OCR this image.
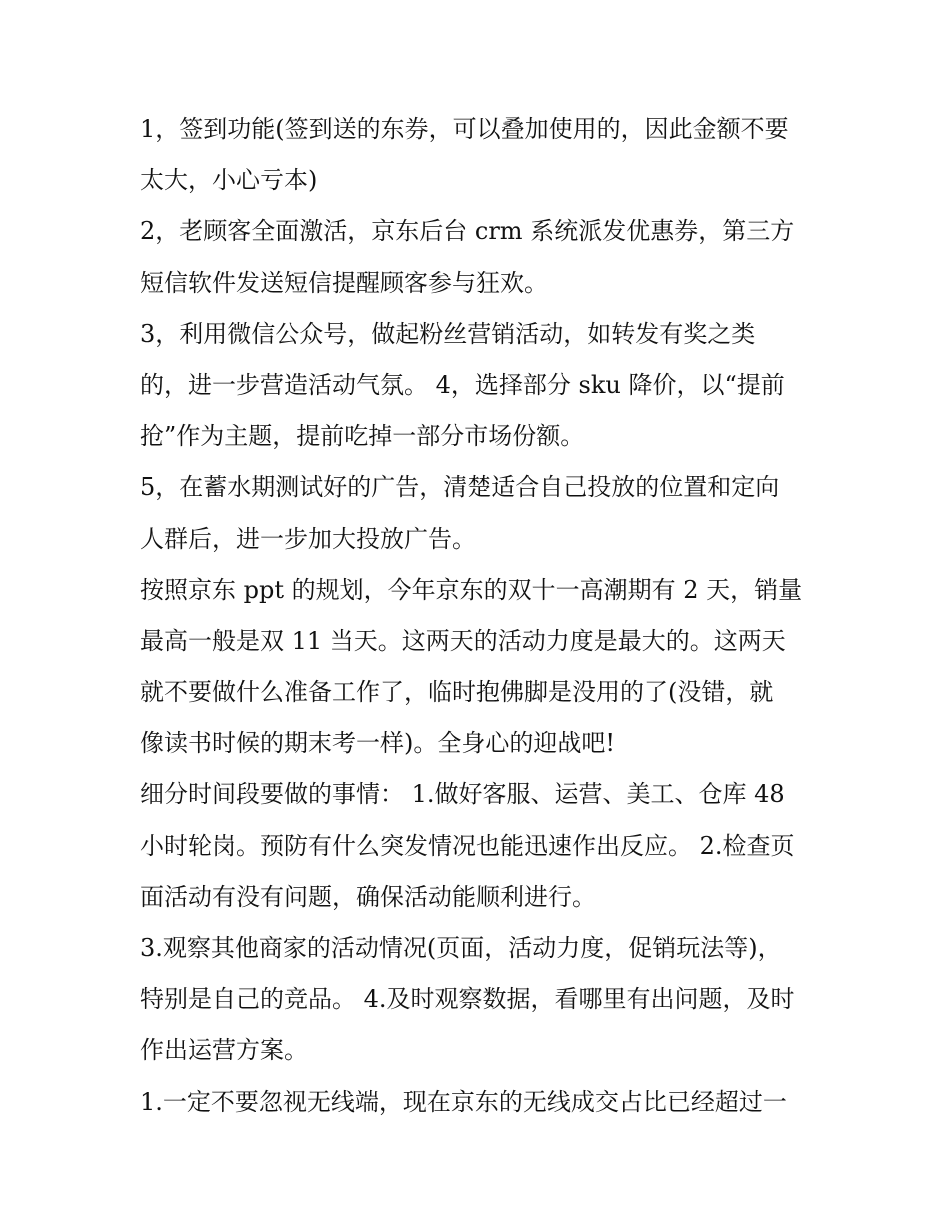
1，签到功能(签到送的东券，可以叠加使用的，因此金额不要
太大，小心亏本)
2，老顾客全面激活，京东后台 crm 系统派发优惠券，第三方
短信软件发送短信提醒顾客参与狂欢。
3，利用微信公众号，做起粉丝营销活动，如转发有奖之类
的，进一步营造活动气氛。 4，选择部分 sku 降价，以“提前
抢”作为主题，提前吃掉一部分市场份额。
5，在蓄水期测试好的广告，清楚适合自己投放的位置和定向
人群后，进一步加大投放广告。
按照京东 ppt 的规划，今年京东的双十一高潮期有 2 天，销量
最高一般是双 11 当天。这两天的活动力度是最大的。这两天
就不要做什么准备工作了，临时抱佛脚是没用的了(没错，就
像读书时候的期末考一样)。全身心的迎战吧!
细分时间段要做的事情： 1.做好客服、运营、美工、仓库 48
小时轮岗。预防有什么突发情况也能迅速作出反应。 2.检查页
面活动有没有问题，确保活动能顺利进行。
3.观察其他商家的活动情况(页面，活动力度，促销玩法等)，
特别是自己的竞品。 4.及时观察数据，看哪里有出问题，及时
作出运营方案。
1.一定不要忽视无线端，现在京东的无线成交占比已经超过一
